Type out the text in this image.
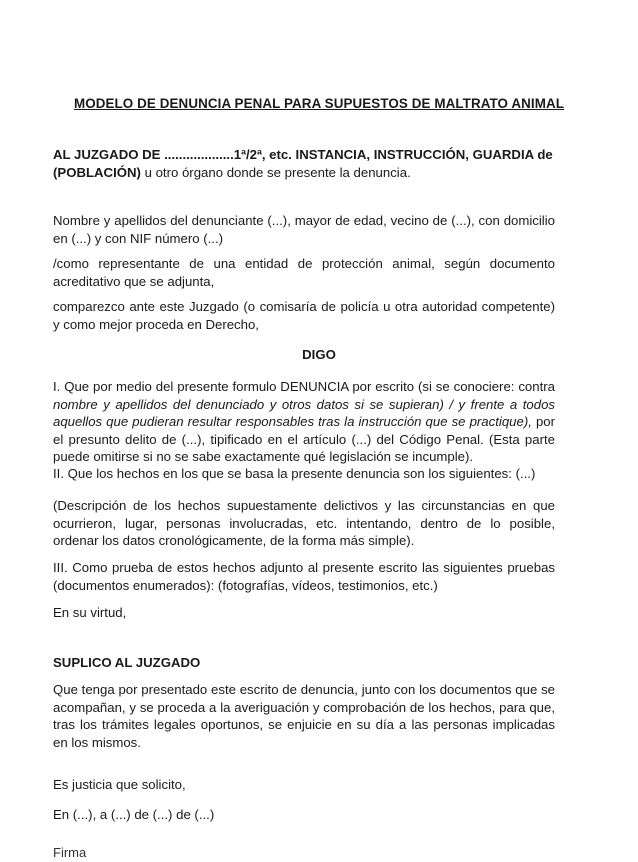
MODELO DE DENUNCIA PENAL PARA SUPUESTOS DE MALTRATO ANIMAL

AL JUZGADO DE ...................1ª/2ª, etc. INSTANCIA, INSTRUCCIÓN, GUARDIA de
(POBLACIÓN) u otro órgano donde se presente la denuncia.

Nombre y apellidos del denunciante (...), mayor de edad, vecino de (...), con domicilio en (...) y con NIF número (...)

/como representante de una entidad de protección animal, según documento acreditativo que se adjunta,

comparezco ante este Juzgado (o comisaría de policía u otra autoridad competente) y como mejor proceda en Derecho,

DIGO

I. Que por medio del presente formulo DENUNCIA por escrito (si se conociere: contra nombre y apellidos del denunciado y otros datos si se supieran) / y frente a todos aquellos que pudieran resultar responsables tras la instrucción que se practique), por el presunto delito de (...), tipificado en el artículo (...) del Código Penal. (Esta parte puede omitirse si no se sabe exactamente qué legislación se incumple).

II. Que los hechos en los que se basa la presente denuncia son los siguientes: (...)

(Descripción de los hechos supuestamente delictivos y las circunstancias en que ocurrieron, lugar, personas involucradas, etc. intentando, dentro de lo posible, ordenar los datos cronológicamente, de la forma más simple).

III. Como prueba de estos hechos adjunto al presente escrito las siguientes pruebas (documentos enumerados): (fotografías, vídeos, testimonios, etc.)

En su virtud,

SUPLICO AL JUZGADO

Que tenga por presentado este escrito de denuncia, junto con los documentos que se acompañan, y se proceda a la averiguación y comprobación de los hechos, para que, tras los trámites legales oportunos, se enjuicie en su día a las personas implicadas en los mismos.

Es justicia que solicito,

En (...), a (...) de (...) de (...)

Firma
